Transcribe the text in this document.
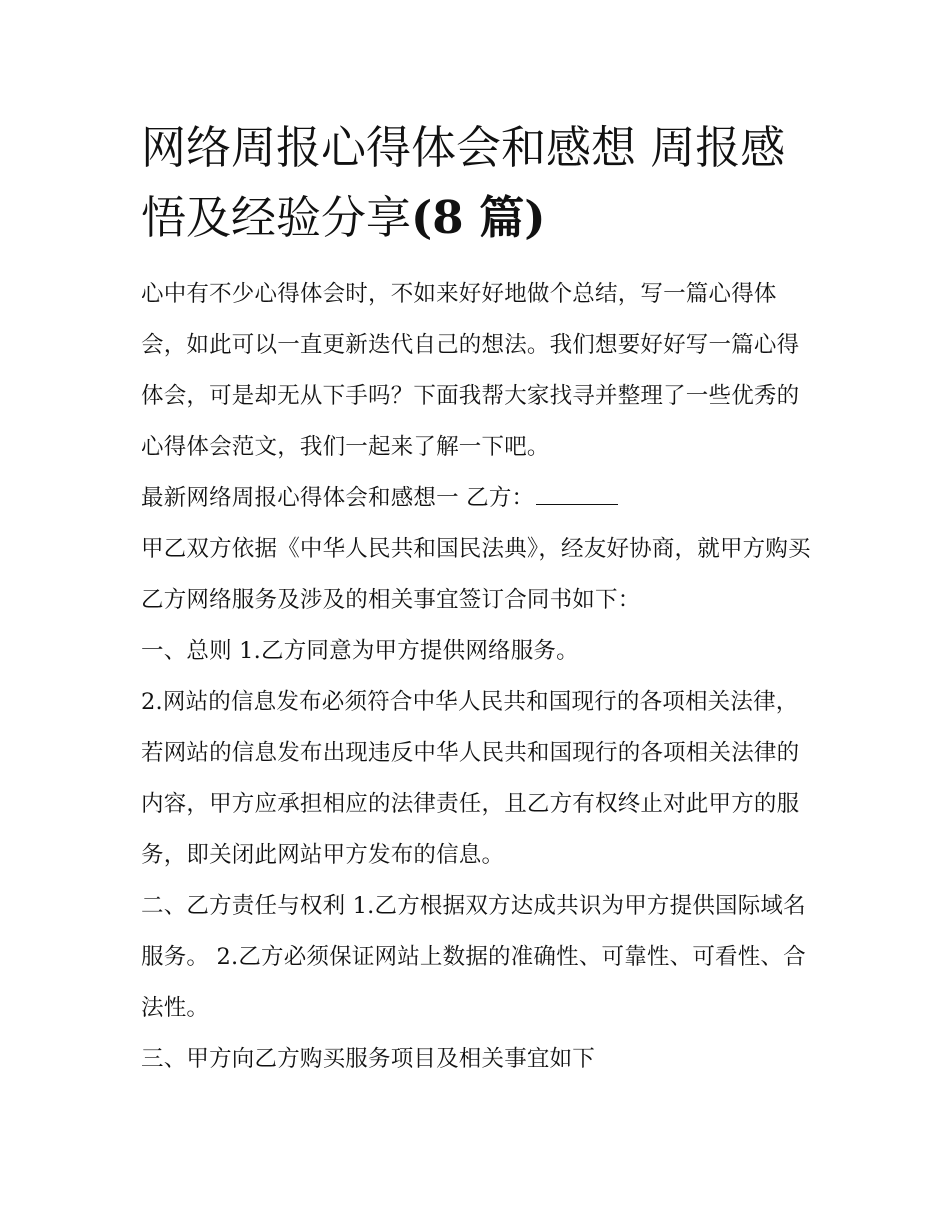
网络周报心得体会和感想 周报感悟及经验分享(8 篇)

心中有不少心得体会时，不如来好好地做个总结，写一篇心得体会，如此可以一直更新迭代自己的想法。我们想要好好写一篇心得体会，可是却无从下手吗？下面我帮大家找寻并整理了一些优秀的心得体会范文，我们一起来了解一下吧。

最新网络周报心得体会和感想一 乙方：

甲乙双方依据《中华人民共和国民法典》，经友好协商，就甲方购买乙方网络服务及涉及的相关事宜签订合同书如下：

一、总则 1.乙方同意为甲方提供网络服务。

2.网站的信息发布必须符合中华人民共和国现行的各项相关法律，若网站的信息发布出现违反中华人民共和国现行的各项相关法律的内容，甲方应承担相应的法律责任，且乙方有权终止对此甲方的服务，即关闭此网站甲方发布的信息。

二、乙方责任与权利 1.乙方根据双方达成共识为甲方提供国际域名服务。 2.乙方必须保证网站上数据的准确性、可靠性、可看性、合法性。

三、甲方向乙方购买服务项目及相关事宜如下
